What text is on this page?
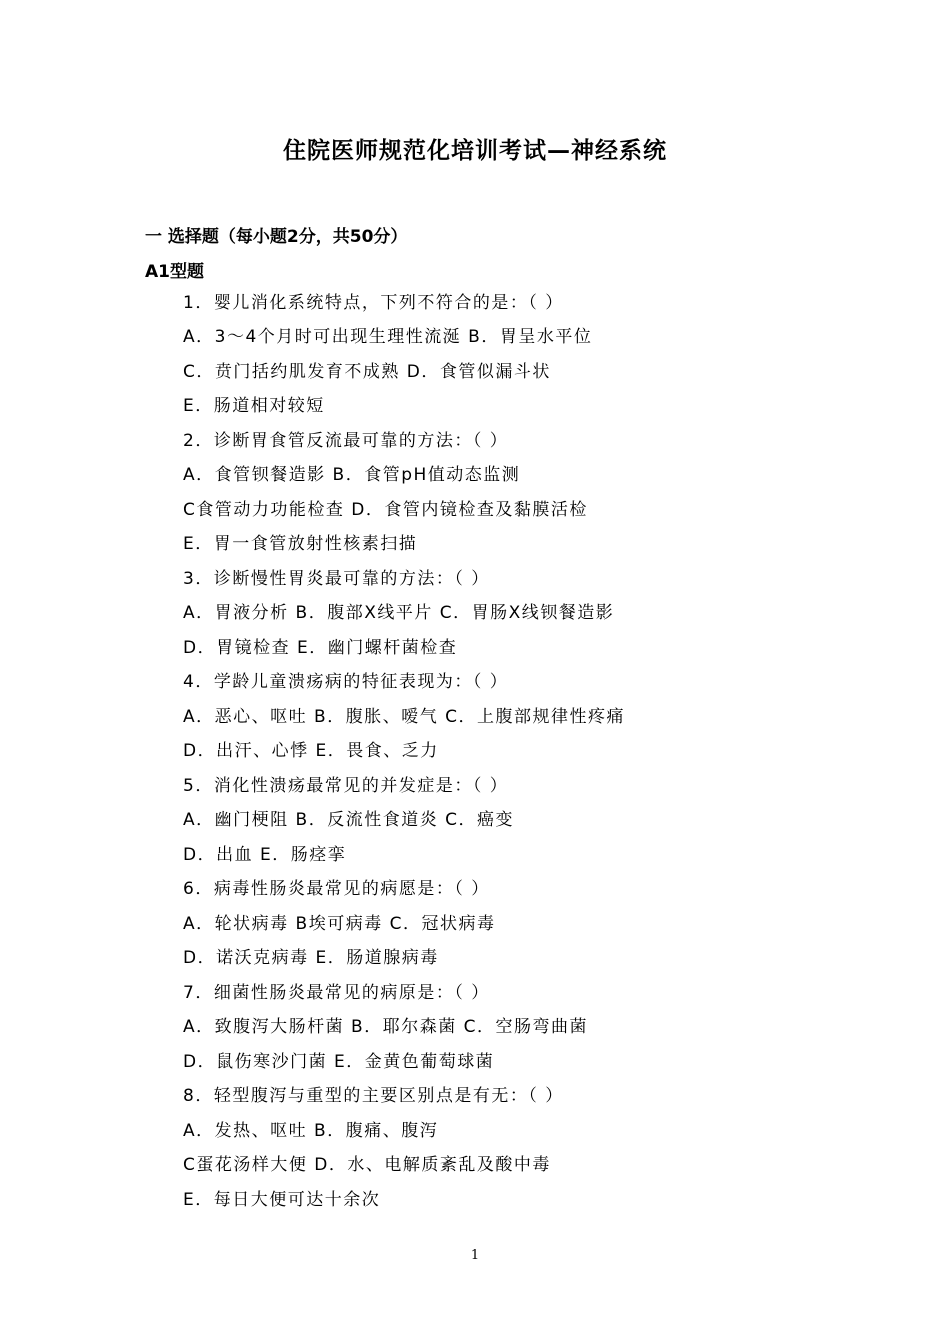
住院医师规范化培训考试—神经系统
一 选择题（每小题2分，共50分）
A1型题
1．婴儿消化系统特点，下列不符合的是：（ ）
A．3～4个月时可出现生理性流涎 B．胃呈水平位
C．贲门括约肌发育不成熟 D．食管似漏斗状
E．肠道相对较短
2．诊断胃食管反流最可靠的方法：（ ）
A．食管钡餐造影 B．食管pH值动态监测
C食管动力功能检查 D．食管内镜检查及黏膜活检
E．胃一食管放射性核素扫描
3．诊断慢性胃炎最可靠的方法：（ ）
A．胃液分析 B．腹部X线平片 C．胃肠X线钡餐造影
D．胃镜检查 E．幽门螺杆菌检查
4．学龄儿童溃疡病的特征表现为：（ ）
A．恶心、呕吐 B．腹胀、嗳气 C．上腹部规律性疼痛
D．出汗、心悸 E．畏食、乏力
5．消化性溃疡最常见的并发症是：（ ）
A．幽门梗阻 B．反流性食道炎 C．癌变
D．出血 E．肠痉挛
6．病毒性肠炎最常见的病愿是：（ ）
A．轮状病毒 B埃可病毒 C．冠状病毒
D．诺沃克病毒 E．肠道腺病毒
7．细菌性肠炎最常见的病原是：（ ）
A．致腹泻大肠杆菌 B．耶尔森菌 C．空肠弯曲菌
D．鼠伤寒沙门菌 E．金黄色葡萄球菌
8．轻型腹泻与重型的主要区别点是有无：（ ）
A．发热、呕吐 B．腹痛、腹泻
C蛋花汤样大便 D．水、电解质紊乱及酸中毒
E．每日大便可达十余次
1
